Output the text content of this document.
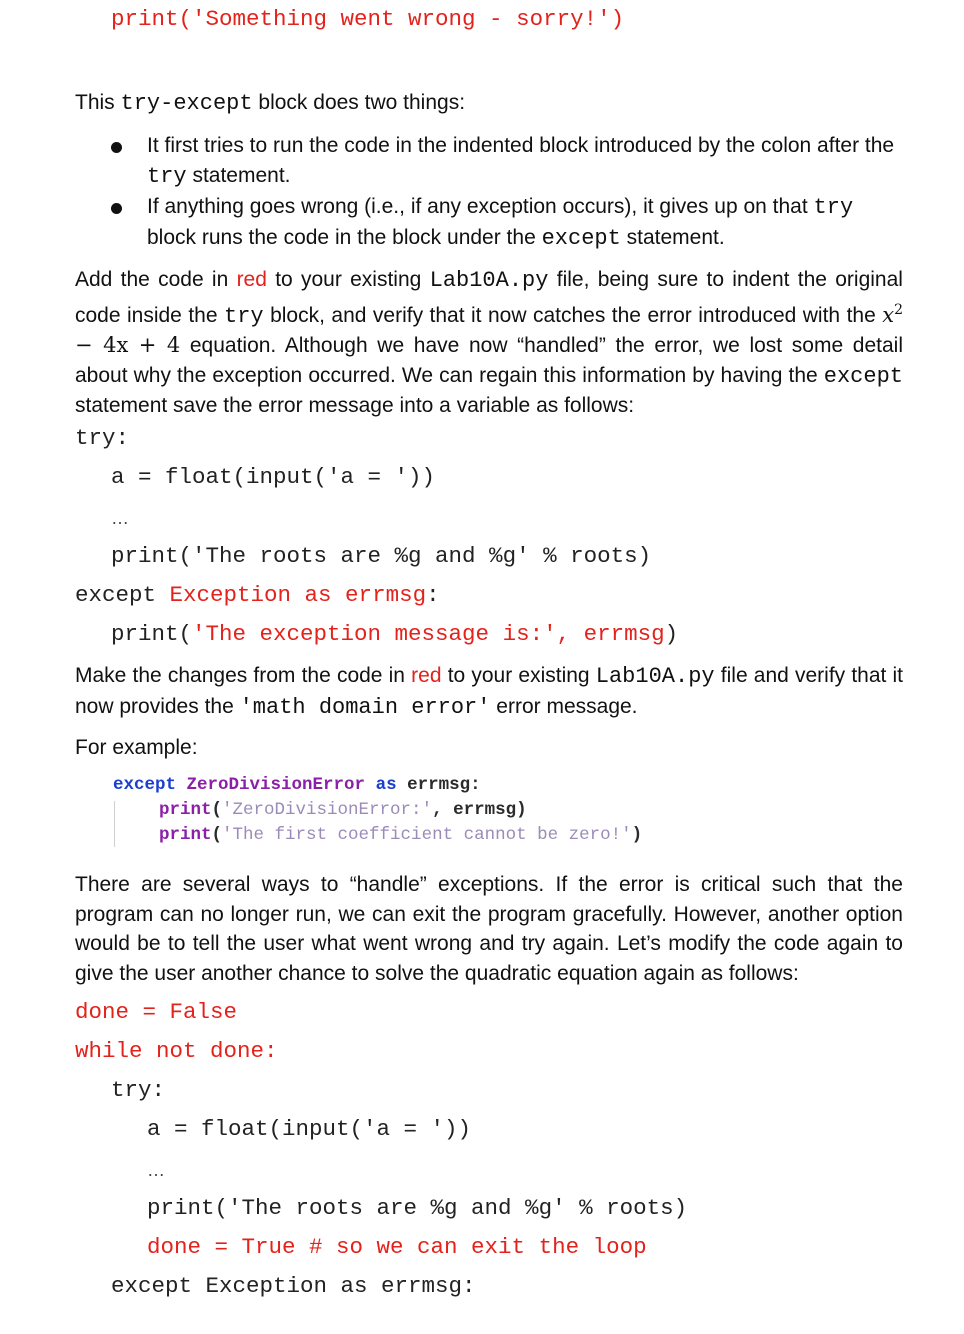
print('Something went wrong - sorry!')
This try-except block does two things:
It first tries to run the code in the indented block introduced by the colon after the try statement.
If anything goes wrong (i.e., if any exception occurs), it gives up on that try block runs the code in the block under the except statement.
Add the code in red to your existing Lab10A.py file, being sure to indent the original code inside the try block, and verify that it now catches the error introduced with the $x^2 - 4x + 4$ equation. Although we have now “handled” the error, we lost some detail about why the exception occurred. We can regain this information by having the except statement save the error message into a variable as follows:
try:
a = float(input('a = '))
…
print('The roots are %g and %g' % roots)
except Exception as errmsg:
print('The exception message is:', errmsg)
Make the changes from the code in red to your existing Lab10A.py file and verify that it now provides the 'math domain error' error message.
For example:
except ZeroDivisionError as errmsg:
print('ZeroDivisionError:', errmsg)
print('The first coefficient cannot be zero!')
There are several ways to “handle” exceptions. If the error is critical such that the program can no longer run, we can exit the program gracefully. However, another option would be to tell the user what went wrong and try again. Let’s modify the code again to give the user another chance to solve the quadratic equation again as follows:
done = False
while not done:
try:
a = float(input('a = '))
…
print('The roots are %g and %g' % roots)
done = True # so we can exit the loop
except Exception as errmsg:
